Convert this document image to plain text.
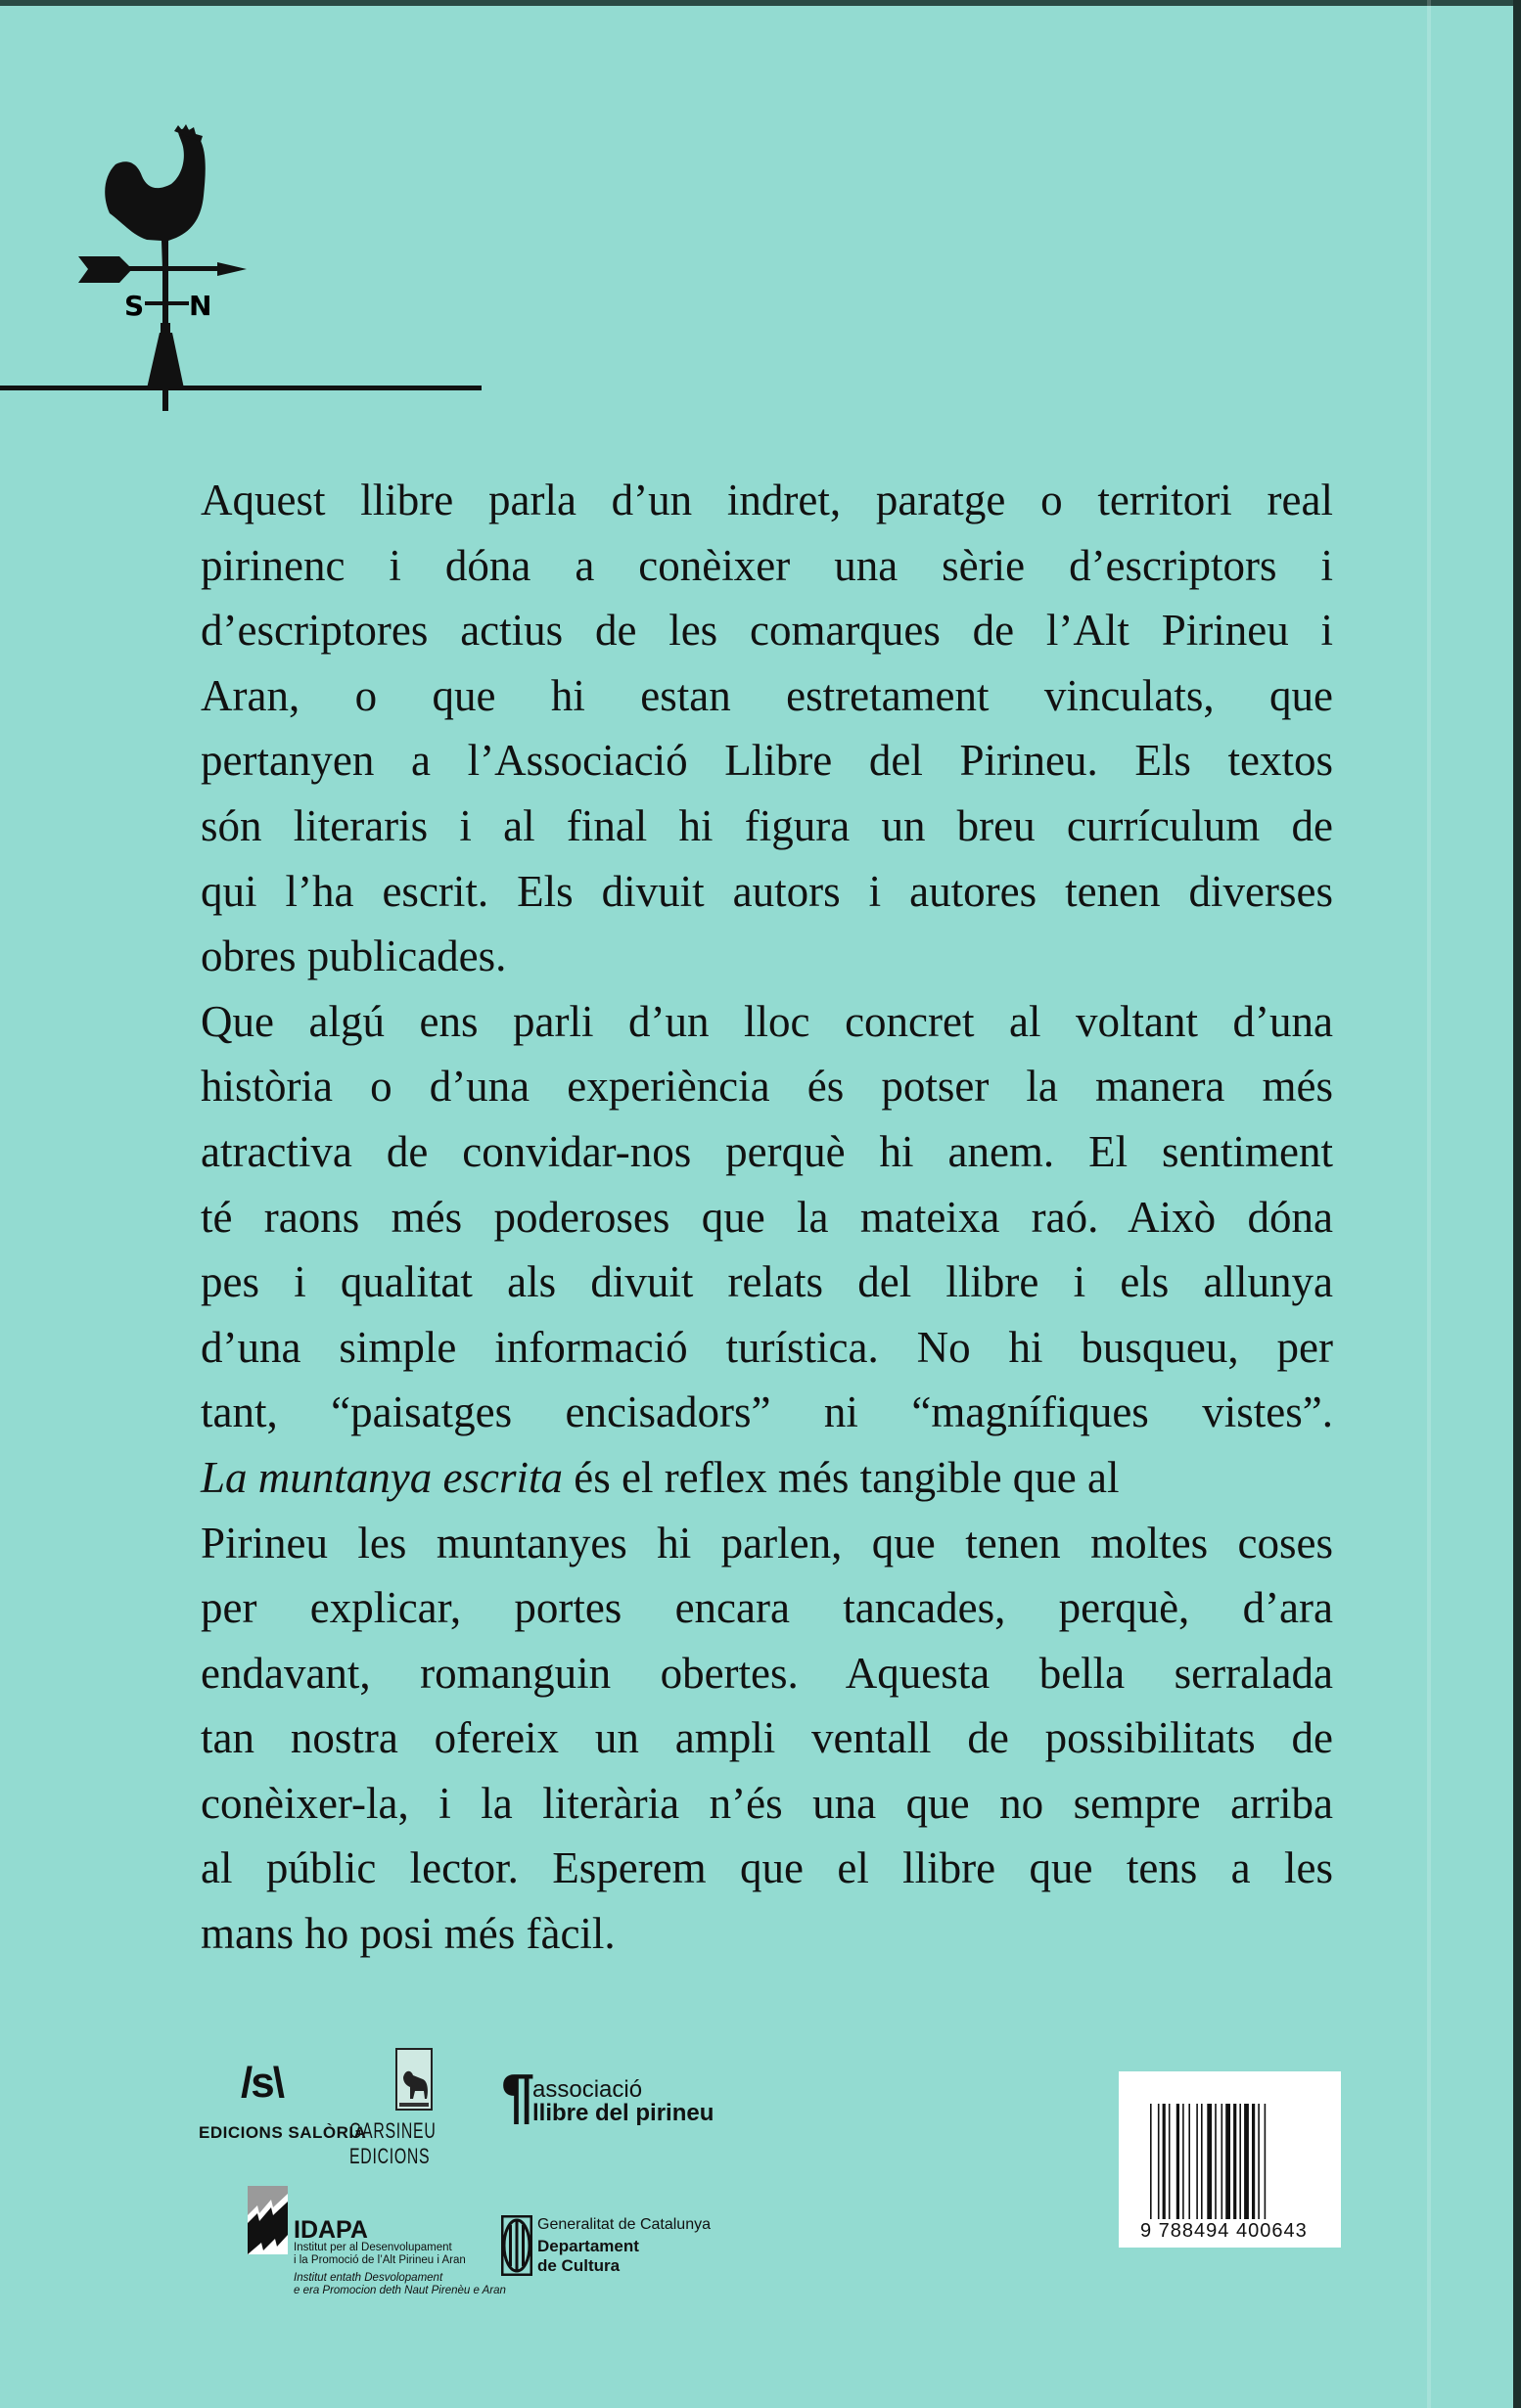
S N
Aquest llibre parla d’un indret, paratge o territori real
pirinenc i dóna a conèixer una sèrie d’escriptors i
d’escriptores actius de les comarques de l’Alt Pirineu i
Aran, o que hi estan estretament vinculats, que
pertanyen a l’Associació Llibre del Pirineu. Els textos
són literaris i al final hi figura un breu currículum de
qui l’ha escrit. Els divuit autors i autores tenen diverses
obres publicades.
Que algú ens parli d’un lloc concret al voltant d’una
història o d’una experiència és potser la manera més
atractiva de convidar-nos perquè hi anem. El sentiment
té raons més poderoses que la mateixa raó. Això dóna
pes i qualitat als divuit relats del llibre i els allunya
d’una simple informació turística. No hi busqueu, per
tant, “paisatges encisadors” ni “magnífiques vistes”.
La muntanya escrita és el reflex més tangible que al
Pirineu les muntanyes hi parlen, que tenen moltes coses
per explicar, portes encara tancades, perquè, d’ara
endavant, romanguin obertes. Aquesta bella serralada
tan nostra ofereix un ampli ventall de possibilitats de
conèixer-la, i la literària n’és una que no sempre arriba
al públic lector. Esperem que el llibre que tens a les
mans ho posi més fàcil.
/s\
EDICIONS SALÒRIA
GARSINEU EDICIONS
¶
associació
llibre del pirineu
IDAPA
Institut per al Desenvolupament
i la Promoció de l’Alt Pirineu i Aran
Institut entath Desvolopament
e era Promocion deth Naut Pirenèu e Aran
Generalitat de Catalunya
Departament
de Cultura
9 788494 400643
